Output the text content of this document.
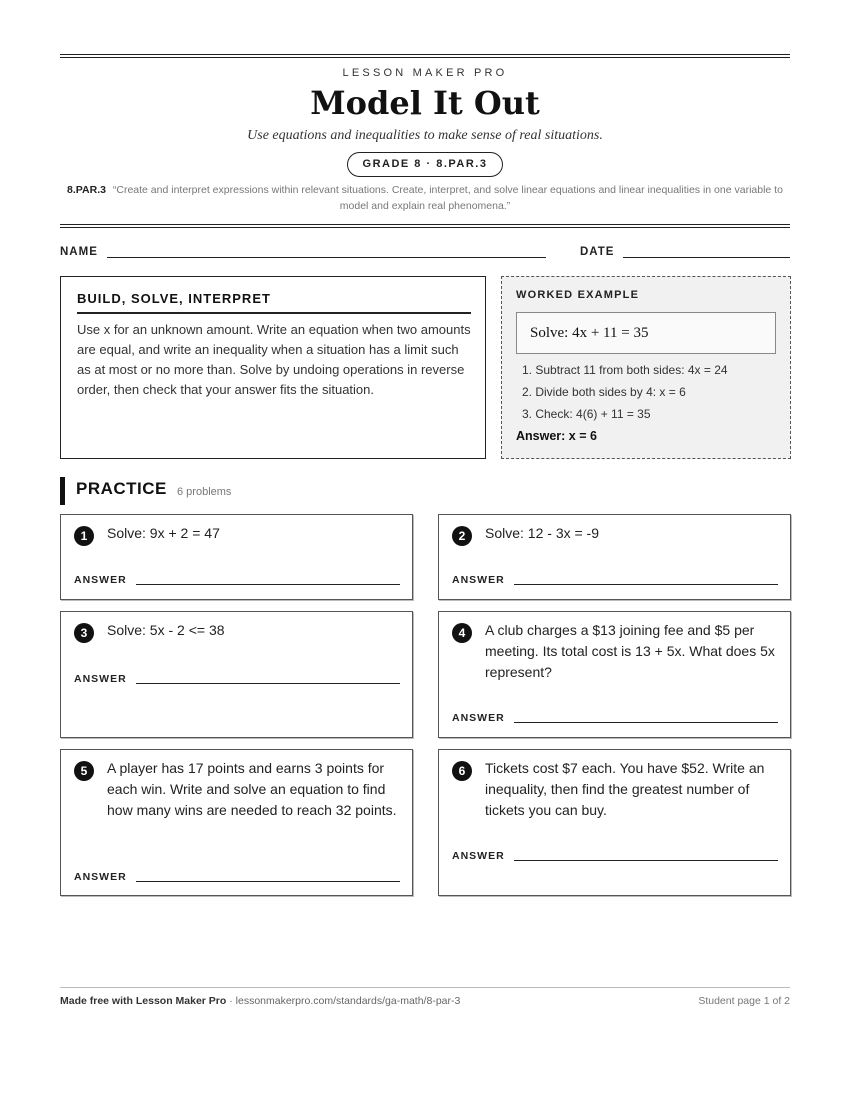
LESSON MAKER PRO
Model It Out
Use equations and inequalities to make sense of real situations.
GRADE 8 · 8.PAR.3
8.PAR.3 “Create and interpret expressions within relevant situations. Create, interpret, and solve linear equations and linear inequalities in one variable to model and explain real phenomena.”
NAME	DATE
BUILD, SOLVE, INTERPRET
Use x for an unknown amount. Write an equation when two amounts are equal, and write an inequality when a situation has a limit such as at most or no more than. Solve by undoing operations in reverse order, then check that your answer fits the situation.
WORKED EXAMPLE
Solve: 4x + 11 = 35
1. Subtract 11 from both sides: 4x = 24
2. Divide both sides by 4: x = 6
3. Check: 4(6) + 11 = 35
Answer: x = 6
PRACTICE 6 problems
1	Solve: 9x + 2 = 47
ANSWER
2	Solve: 12 - 3x = -9
ANSWER
3	Solve: 5x - 2 <= 38
ANSWER
4	A club charges a $13 joining fee and $5 per meeting. Its total cost is 13 + 5x. What does 5x represent?
ANSWER
5	A player has 17 points and earns 3 points for each win. Write and solve an equation to find how many wins are needed to reach 32 points.
ANSWER
6	Tickets cost $7 each. You have $52. Write an inequality, then find the greatest number of tickets you can buy.
ANSWER
Made free with Lesson Maker Pro · lessonmakerpro.com/standards/ga-math/8-par-3	Student page 1 of 2
